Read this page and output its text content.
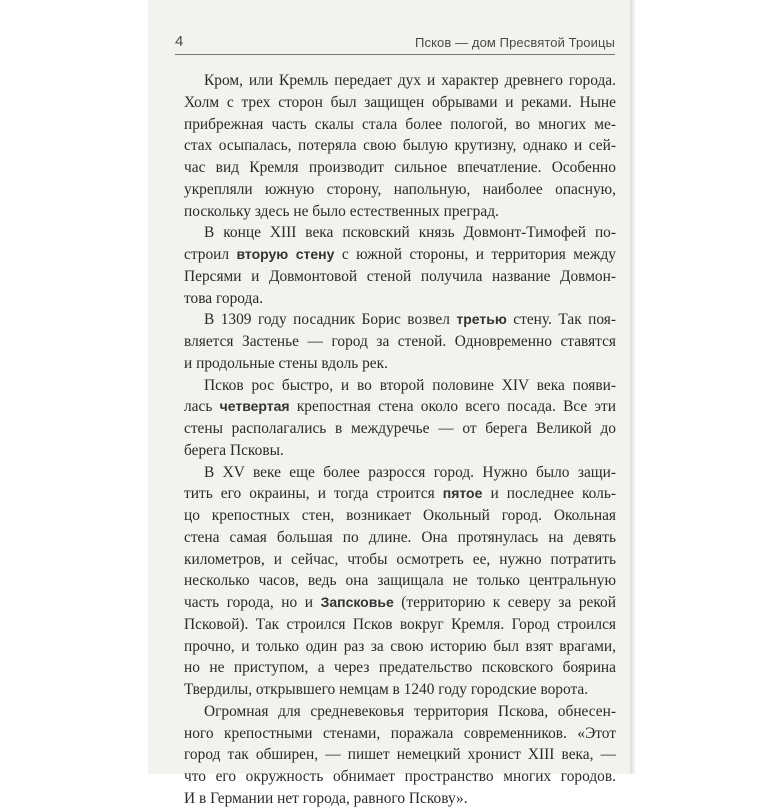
4	Псков — дом Пресвятой Троицы
Кром, или Кремль передает дух и характер древнего города.
Холм с трех сторон был защищен обрывами и реками. Ныне
прибрежная часть скалы стала более пологой, во многих ме-
стах осыпалась, потеряла свою былую крутизну, однако и сей-
час вид Кремля производит сильное впечатление. Особенно
укрепляли южную сторону, напольную, наиболее опасную,
поскольку здесь не было естественных преград.
В конце XIII века псковский князь Довмонт-Тимофей по-
строил вторую стену с южной стороны, и территория между
Персями и Довмонтовой стеной получила название Довмон-
това города.
В 1309 году посадник Борис возвел третью стену. Так поя-
вляется Застенье — город за стеной. Одновременно ставятся
и продольные стены вдоль рек.
Псков рос быстро, и во второй половине XIV века появи-
лась четвертая крепостная стена около всего посада. Все эти
стены располагались в междуречье — от берега Великой до
берега Псковы.
В XV веке еще более разросся город. Нужно было защи-
тить его окраины, и тогда строится пятое и последнее коль-
цо крепостных стен, возникает Окольный город. Окольная
стена самая большая по длине. Она протянулась на девять
километров, и сейчас, чтобы осмотреть ее, нужно потратить
несколько часов, ведь она защищала не только центральную
часть города, но и Запсковье (территорию к северу за рекой
Псковой). Так строился Псков вокруг Кремля. Город строился
прочно, и только один раз за свою историю был взят врагами,
но не приступом, а через предательство псковского боярина
Твердилы, открывшего немцам в 1240 году городские ворота.
Огромная для средневековья территория Пскова, обнесен-
ного крепостными стенами, поражала современников. «Этот
город так обширен, — пишет немецкий хронист XIII века, —
что его окружность обнимает пространство многих городов.
И в Германии нет города, равного Пскову».
